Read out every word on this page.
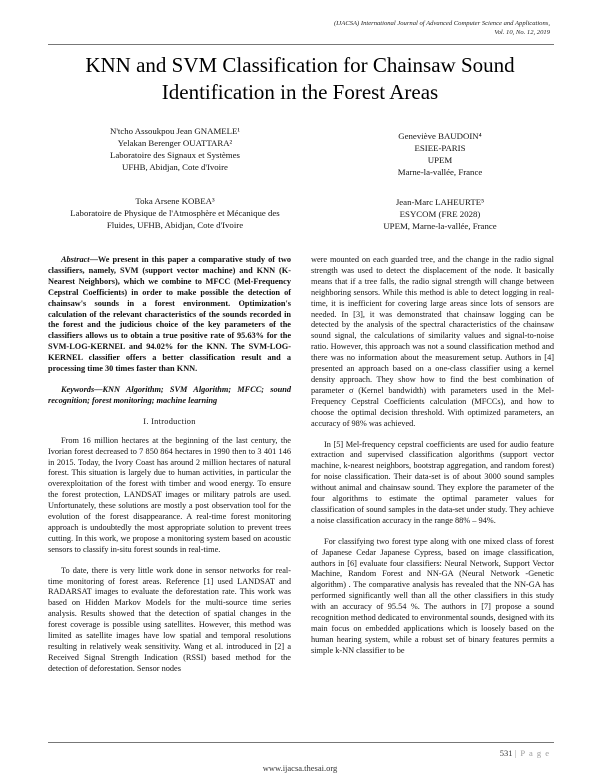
(IJACSA) International Journal of Advanced Computer Science and Applications,
Vol. 10, No. 12, 2019
KNN and SVM Classification for Chainsaw Sound
Identification in the Forest Areas
N'tcho Assoukpou Jean GNAMELE¹
Yelakan Berenger OUATTARA²
Laboratoire des Signaux et Systèmes
UFHB, Abidjan, Cote d'Ivoire
Toka Arsene KOBEA³
Laboratoire de Physique de l'Atmosphère et Mécanique des
Fluides, UFHB, Abidjan, Cote d'Ivoire
Geneviève BAUDOIN⁴
ESIEE-PARIS
UPEM
Marne-la-vallée, France
Jean-Marc LAHEURTE⁵
ESYCOM (FRE 2028)
UPEM, Marne-la-vallée, France

Abstract—We present in this paper a comparative study of two classifiers, namely, SVM (support vector machine) and KNN (K-Nearest Neighbors), which we combine to MFCC (Mel-Frequency Cepstral Coefficients) in order to make possible the detection of chainsaw's sounds in a forest environment. Optimization's calculation of the relevant characteristics of the sounds recorded in the forest and the judicious choice of the key parameters of the classifiers allows us to obtain a true positive rate of 95.63% for the SVM-LOG-KERNEL and 94.02% for the KNN. The SVM-LOG-KERNEL classifier offers a better classification result and a processing time 30 times faster than KNN.

Keywords—KNN Algorithm; SVM Algorithm; MFCC; sound recognition; forest monitoring; machine learning

I. Introduction

From 16 million hectares at the beginning of the last century, the Ivorian forest decreased to 7 850 864 hectares in 1990 then to 3 401 146 in 2015. Today, the Ivory Coast has around 2 million hectares of natural forest. This situation is largely due to human activities, in particular the overexploitation of the forest with timber and wood energy. To ensure the forest protection, LANDSAT images or military patrols are used. Unfortunately, these solutions are mostly a post observation tool for the evolution of the forest disappearance. A real-time forest monitoring approach is undoubtedly the most appropriate solution to prevent trees cutting. In this work, we propose a monitoring system based on acoustic sensors to classify in-situ forest sounds in real-time.

To date, there is very little work done in sensor networks for real-time monitoring of forest areas. Reference [1] used LANDSAT and RADARSAT images to evaluate the deforestation rate. This work was based on Hidden Markov Models for the multi-source time series analysis. Results showed that the detection of spatial changes in the forest coverage is possible using satellites. However, this method was limited as satellite images have low spatial and temporal resolutions resulting in relatively weak sensitivity. Wang et al. introduced in [2] a Received Signal Strength Indication (RSSI) based method for the detection of deforestation. Sensor nodes

were mounted on each guarded tree, and the change in the radio signal strength was used to detect the displacement of the node. It basically means that if a tree falls, the radio signal strength will change between neighboring sensors. While this method is able to detect logging in real-time, it is inefficient for covering large areas since lots of sensors are needed. In [3], it was demonstrated that chainsaw logging can be detected by the analysis of the spectral characteristics of the chainsaw sound signal, the calculations of similarity values and signal-to-noise ratio. However, this approach was not a sound classification method and there was no information about the measurement setup. Authors in [4] presented an approach based on a one-class classifier using a kernel density approach. They show how to find the best combination of parameter σ (Kernel bandwidth) with parameters used in the Mel-Frequency Cepstral Coefficients calculation (MFCCs), and how to choose the optimal decision threshold. With optimized parameters, an accuracy of 98% was achieved.

In [5] Mel-frequency cepstral coefficients are used for audio feature extraction and supervised classification algorithms (support vector machine, k-nearest neighbors, bootstrap aggregation, and random forest) for noise classification. Their data-set is of about 3000 sound samples without animal and chainsaw sound. They explore the parameter of the four algorithms to estimate the optimal parameter values for classification of sound samples in the data-set under study. They achieve a noise classification accuracy in the range 88% – 94%.

For classifying two forest type along with one mixed class of forest of Japanese Cedar Japanese Cypress, based on image classification, authors in [6] evaluate four classifiers: Neural Network, Support Vector Machine, Random Forest and NN-GA (Neural Network -Genetic algorithm) . The comparative analysis has revealed that the NN-GA has performed significantly well than all the other classifiers in this study with an accuracy of 95.54 %. The authors in [7] propose a sound recognition method dedicated to environmental sounds, designed with its main focus on embedded applications which is loosely based on the human hearing system, while a robust set of binary features permits a simple k-NN classifier to be

531 | P a g e
www.ijacsa.thesai.org
